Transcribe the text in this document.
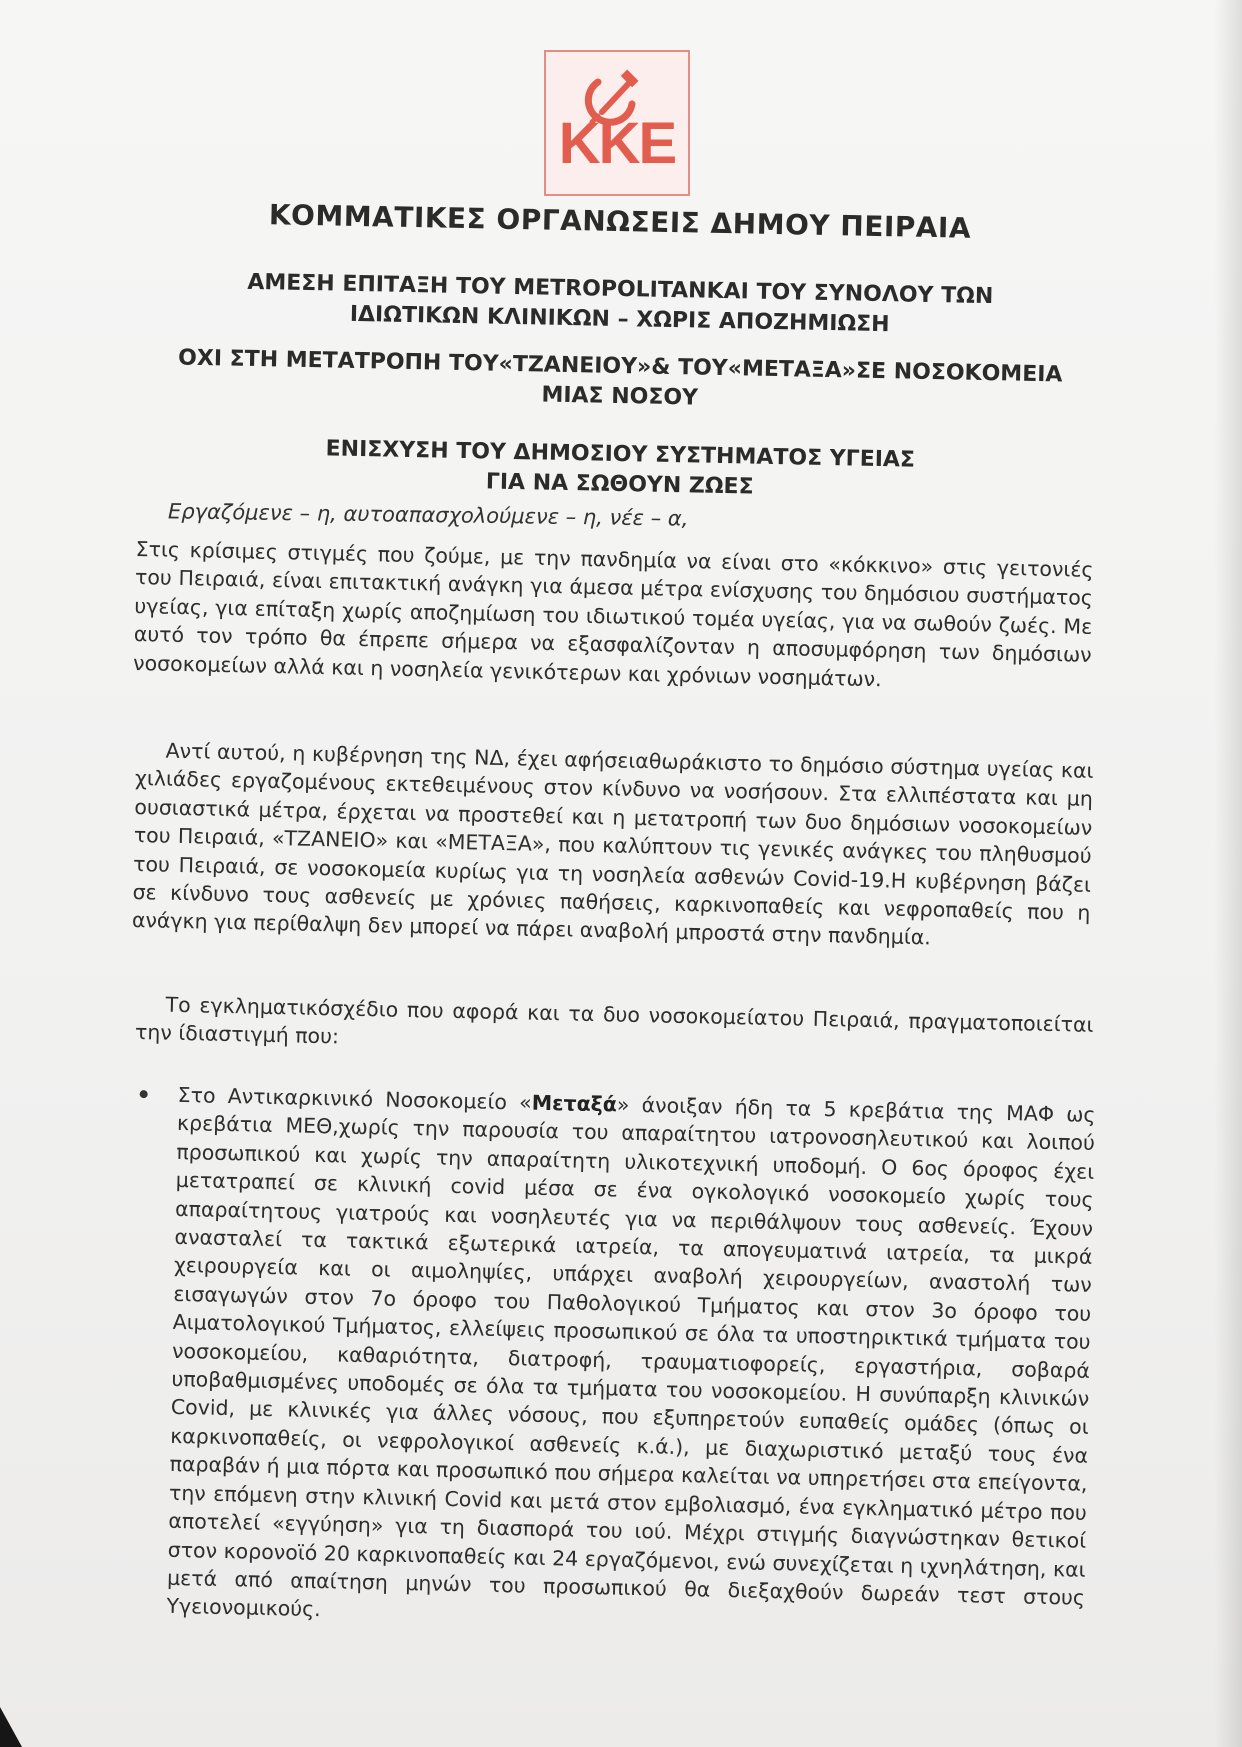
ΚΚΕ
ΚΟΜΜΑΤΙΚΕΣ ΟΡΓΑΝΩΣΕΙΣ ΔΗΜΟΥ ΠΕΙΡΑΙΑ
ΑΜΕΣΗ ΕΠΙΤΑΞΗ ΤΟΥ METROPOLITANΚΑΙ ΤΟΥ ΣΥΝΟΛΟΥ ΤΩΝ
ΙΔΙΩΤΙΚΩΝ ΚΛΙΝΙΚΩΝ – ΧΩΡΙΣ ΑΠΟΖΗΜΙΩΣΗ
ΟΧΙ ΣΤΗ ΜΕΤΑΤΡΟΠΗ ΤΟΥ«ΤΖΑΝΕΙΟΥ»& ΤΟΥ«ΜΕΤΑΞΑ»ΣΕ ΝΟΣΟΚΟΜΕΙΑ
ΜΙΑΣ ΝΟΣΟΥ
ΕΝΙΣΧΥΣΗ ΤΟΥ ΔΗΜΟΣΙΟΥ ΣΥΣΤΗΜΑΤΟΣ ΥΓΕΙΑΣ
ΓΙΑ ΝΑ ΣΩΘΟΥΝ ΖΩΕΣ
Εργαζόμενε – η, αυτοαπασχολούμενε – η, νέε – α,

Στις κρίσιμες στιγμές που ζούμε, με την πανδημία να είναι στο «κόκκινο» στις γειτονιές του Πειραιά, είναι επιτακτική ανάγκη για άμεσα μέτρα ενίσχυσης του δημόσιου συστήματος υγείας, για επίταξη χωρίς αποζημίωση του ιδιωτικού τομέα υγείας, για να σωθούν ζωές. Με αυτό τον τρόπο θα έπρεπε σήμερα να εξασφαλίζονταν η αποσυμφόρηση των δημόσιων νοσοκομείων αλλά και η νοσηλεία γενικότερων και χρόνιων νοσημάτων.

Αντί αυτού, η κυβέρνηση της ΝΔ, έχει αφήσειαθωράκιστο το δημόσιο σύστημα υγείας και χιλιάδες εργαζομένους εκτεθειμένους στον κίνδυνο να νοσήσουν. Στα ελλιπέστατα και μη ουσιαστικά μέτρα, έρχεται να προστεθεί και η μετατροπή των δυο δημόσιων νοσοκομείων του Πειραιά, «ΤΖΑΝΕΙΟ» και «ΜΕΤΑΞΑ», που καλύπτουν τις γενικές ανάγκες του πληθυσμού του Πειραιά, σε νοσοκομεία κυρίως για τη νοσηλεία ασθενών Covid-19.Η κυβέρνηση βάζει σε κίνδυνο τους ασθενείς με χρόνιες παθήσεις, καρκινοπαθείς και νεφροπαθείς που η ανάγκη για περίθαλψη δεν μπορεί να πάρει αναβολή μπροστά στην πανδημία.

Το εγκληματικόσχέδιο που αφορά και τα δυο νοσοκομείατου Πειραιά, πραγματοποιείται την ίδιαστιγμή που:

Στο Αντικαρκινικό Νοσοκομείο «Μεταξά» άνοιξαν ήδη τα 5 κρεβάτια της ΜΑΦ ως κρεβάτια ΜΕΘ,χωρίς την παρουσία του απαραίτητου ιατρονοσηλευτικού και λοιπού προσωπικού και χωρίς την απαραίτητη υλικοτεχνική υποδομή. Ο 6ος όροφος έχει μετατραπεί σε κλινική covid μέσα σε ένα ογκολογικό νοσοκομείο χωρίς τους απαραίτητους γιατρούς και νοσηλευτές για να περιθάλψουν τους ασθενείς. Έχουν ανασταλεί τα τακτικά εξωτερικά ιατρεία, τα απογευματινά ιατρεία, τα μικρά χειρουργεία και οι αιμοληψίες, υπάρχει αναβολή χειρουργείων, αναστολή των εισαγωγών στον 7ο όροφο του Παθολογικού Τμήματος και στον 3ο όροφο του Αιματολογικού Τμήματος, ελλείψεις προσωπικού σε όλα τα υποστηρικτικά τμήματα του νοσοκομείου, καθαριότητα, διατροφή, τραυματιοφορείς, εργαστήρια, σοβαρά υποβαθμισμένες υποδομές σε όλα τα τμήματα του νοσοκομείου. Η συνύπαρξη κλινικών Covid, με κλινικές για άλλες νόσους, που εξυπηρετούν ευπαθείς ομάδες (όπως οι καρκινοπαθείς, οι νεφρολογικοί ασθενείς κ.ά.), με διαχωριστικό μεταξύ τους ένα παραβάν ή μια πόρτα και προσωπικό που σήμερα καλείται να υπηρετήσει στα επείγοντα, την επόμενη στην κλινική Covid και μετά στον εμβολιασμό, ένα εγκληματικό μέτρο που αποτελεί «εγγύηση» για τη διασπορά του ιού. Μέχρι στιγμής διαγνώστηκαν θετικοί στον κορονοϊό 20 καρκινοπαθείς και 24 εργαζόμενοι, ενώ συνεχίζεται η ιχνηλάτηση, και μετά από απαίτηση μηνών του προσωπικού θα διεξαχθούν δωρεάν τεστ στους Υγειονομικούς.
